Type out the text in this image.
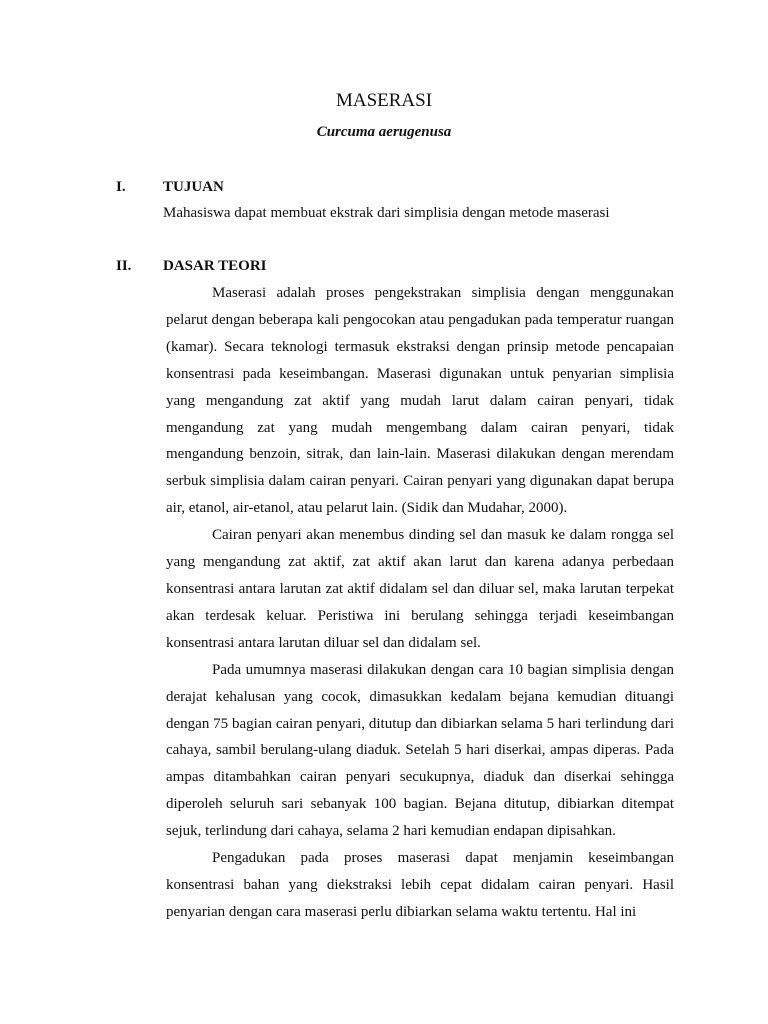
MASERASI
Curcuma aerugenusa
I. TUJUAN
Mahasiswa dapat membuat ekstrak dari simplisia dengan metode maserasi
II. DASAR TEORI

Maserasi adalah proses pengekstrakan simplisia dengan menggunakan pelarut dengan beberapa kali pengocokan atau pengadukan pada temperatur ruangan (kamar). Secara teknologi termasuk ekstraksi dengan prinsip metode pencapaian konsentrasi pada keseimbangan. Maserasi digunakan untuk penyarian simplisia yang mengandung zat aktif yang mudah larut dalam cairan penyari, tidak mengandung zat yang mudah mengembang dalam cairan penyari, tidak mengandung benzoin, sitrak, dan lain-lain. Maserasi dilakukan dengan merendam serbuk simplisia dalam cairan penyari. Cairan penyari yang digunakan dapat berupa air, etanol, air-etanol, atau pelarut lain. (Sidik dan Mudahar, 2000).

Cairan penyari akan menembus dinding sel dan masuk ke dalam rongga sel yang mengandung zat aktif, zat aktif akan larut dan karena adanya perbedaan konsentrasi antara larutan zat aktif didalam sel dan diluar sel, maka larutan terpekat akan terdesak keluar. Peristiwa ini berulang sehingga terjadi keseimbangan konsentrasi antara larutan diluar sel dan didalam sel.

Pada umumnya maserasi dilakukan dengan cara 10 bagian simplisia dengan derajat kehalusan yang cocok, dimasukkan kedalam bejana kemudian dituangi dengan 75 bagian cairan penyari, ditutup dan dibiarkan selama 5 hari terlindung dari cahaya, sambil berulang-ulang diaduk. Setelah 5 hari diserkai, ampas diperas. Pada ampas ditambahkan cairan penyari secukupnya, diaduk dan diserkai sehingga diperoleh seluruh sari sebanyak 100 bagian. Bejana ditutup, dibiarkan ditempat sejuk, terlindung dari cahaya, selama 2 hari kemudian endapan dipisahkan.

Pengadukan pada proses maserasi dapat menjamin keseimbangan konsentrasi bahan yang diekstraksi lebih cepat didalam cairan penyari. Hasil penyarian dengan cara maserasi perlu dibiarkan selama waktu tertentu. Hal ini
